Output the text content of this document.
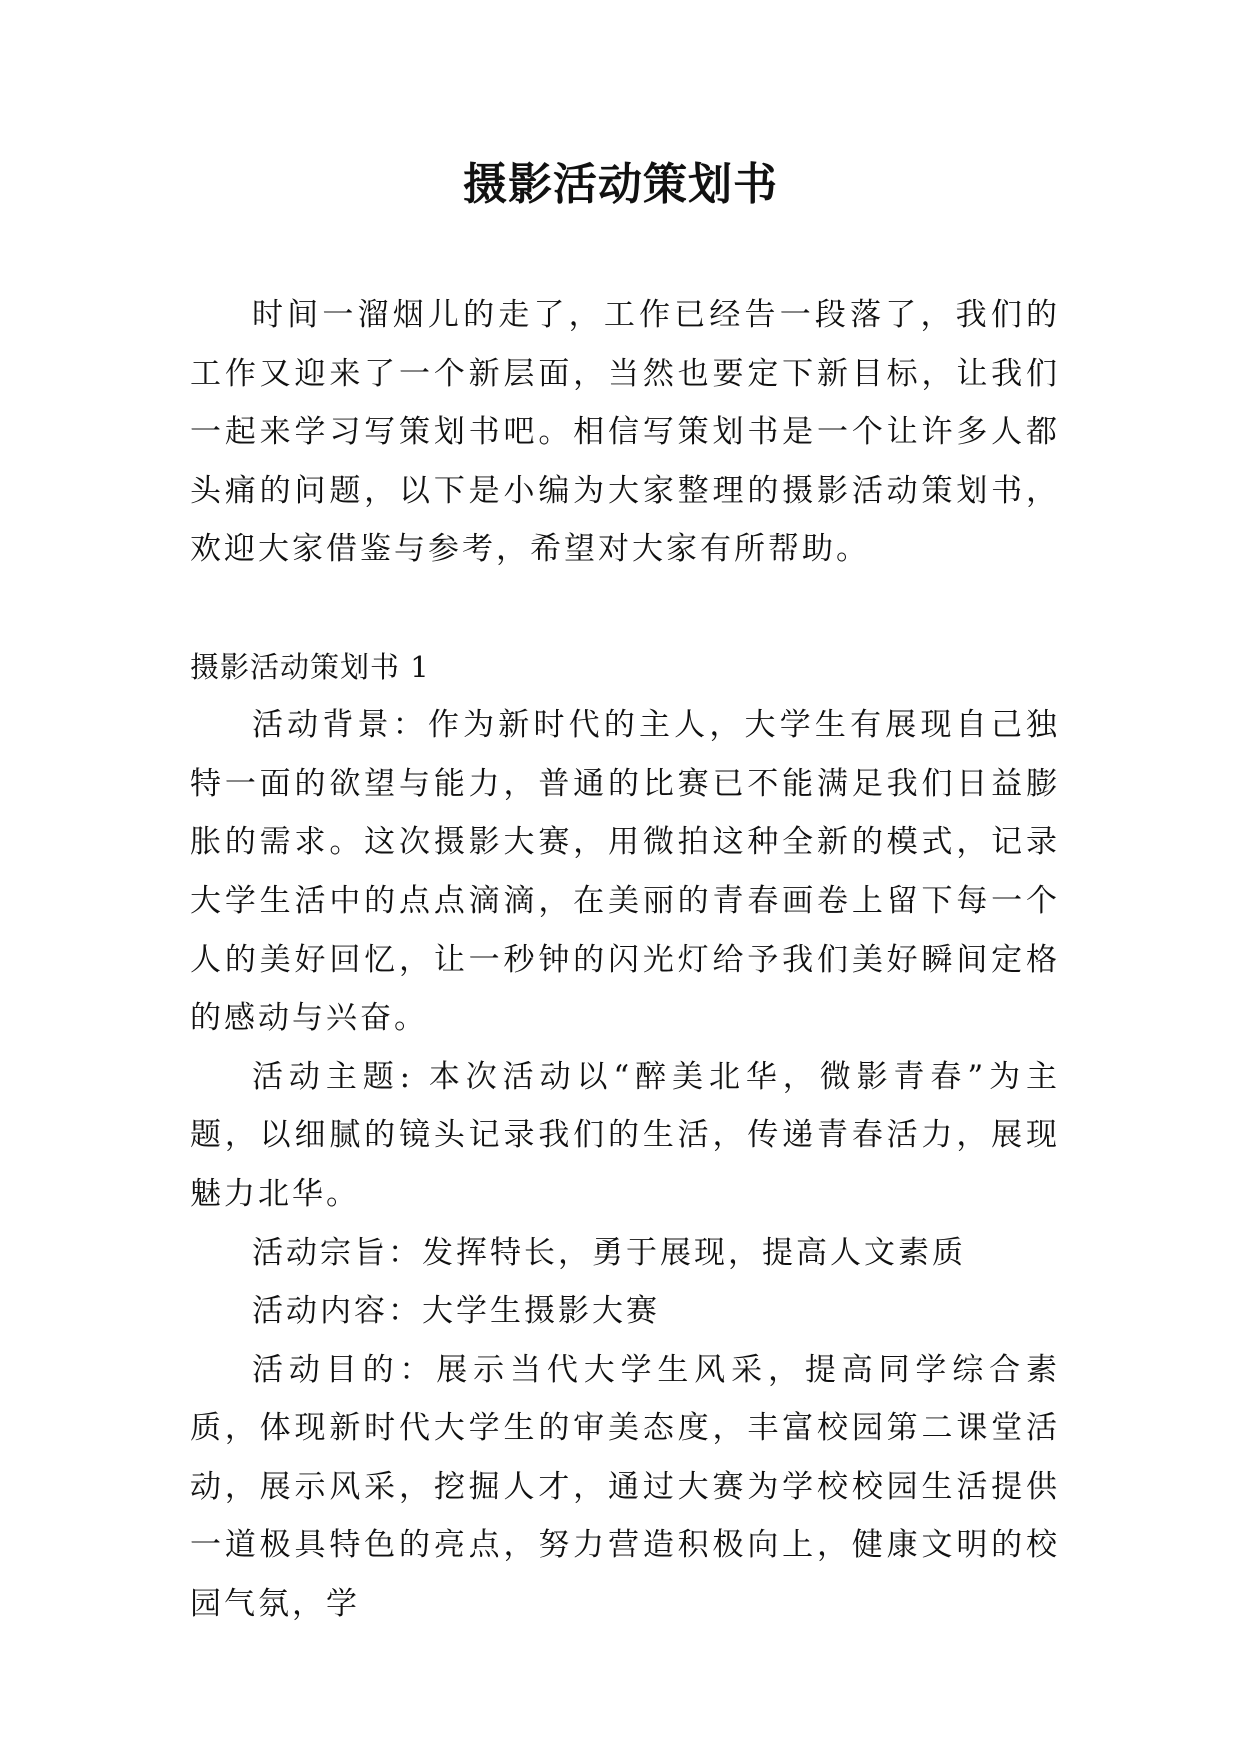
摄影活动策划书

时间一溜烟儿的走了，工作已经告一段落了，我们的工作又迎来了一个新层面，当然也要定下新目标，让我们一起来学习写策划书吧。相信写策划书是一个让许多人都头痛的问题，以下是小编为大家整理的摄影活动策划书，欢迎大家借鉴与参考，希望对大家有所帮助。

摄影活动策划书 1

活动背景：作为新时代的主人，大学生有展现自己独特一面的欲望与能力，普通的比赛已不能满足我们日益膨胀的需求。这次摄影大赛，用微拍这种全新的模式，记录大学生活中的点点滴滴，在美丽的青春画卷上留下每一个人的美好回忆，让一秒钟的闪光灯给予我们美好瞬间定格的感动与兴奋。

活动主题: 本次活动以“醉美北华，微影青春”为主题，以细腻的镜头记录我们的生活，传递青春活力，展现魅力北华。

活动宗旨：发挥特长，勇于展现，提高人文素质

活动内容：大学生摄影大赛

活动目的：展示当代大学生风采，提高同学综合素质，体现新时代大学生的审美态度，丰富校园第二课堂活动，展示风采，挖掘人才，通过大赛为学校校园生活提供一道极具特色的亮点，努力营造积极向上，健康文明的校园气氛，学
